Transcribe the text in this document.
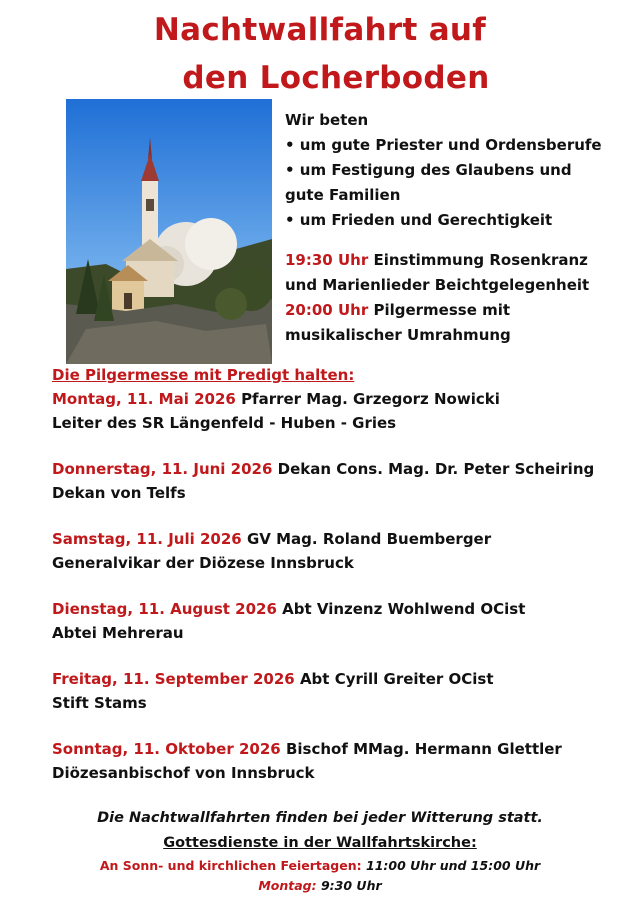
Nachtwallfahrt auf
den Locherboden
Wir beten
• um gute Priester und Ordensberufe
• um Festigung des Glaubens und
gute Familien
• um Frieden und Gerechtigkeit
19:30 Uhr Einstimmung Rosenkranz
und Marienlieder Beichtgelegenheit
20:00 Uhr Pilgermesse mit
musikalischer Umrahmung
Die Pilgermesse mit Predigt halten:
Montag, 11. Mai 2026 Pfarrer Mag. Grzegorz Nowicki
Leiter des SR Längenfeld - Huben - Gries
Donnerstag, 11. Juni 2026 Dekan Cons. Mag. Dr. Peter Scheiring
Dekan von Telfs
Samstag, 11. Juli 2026 GV Mag. Roland Buemberger
Generalvikar der Diözese Innsbruck
Dienstag, 11. August 2026 Abt Vinzenz Wohlwend OCist
Abtei Mehrerau
Freitag, 11. September 2026 Abt Cyrill Greiter OCist
Stift Stams
Sonntag, 11. Oktober 2026 Bischof MMag. Hermann Glettler
Diözesanbischof von Innsbruck
Die Nachtwallfahrten finden bei jeder Witterung statt.
Gottesdienste in der Wallfahrtskirche:
An Sonn- und kirchlichen Feiertagen: 11:00 Uhr und 15:00 Uhr
Montag: 9:30 Uhr
